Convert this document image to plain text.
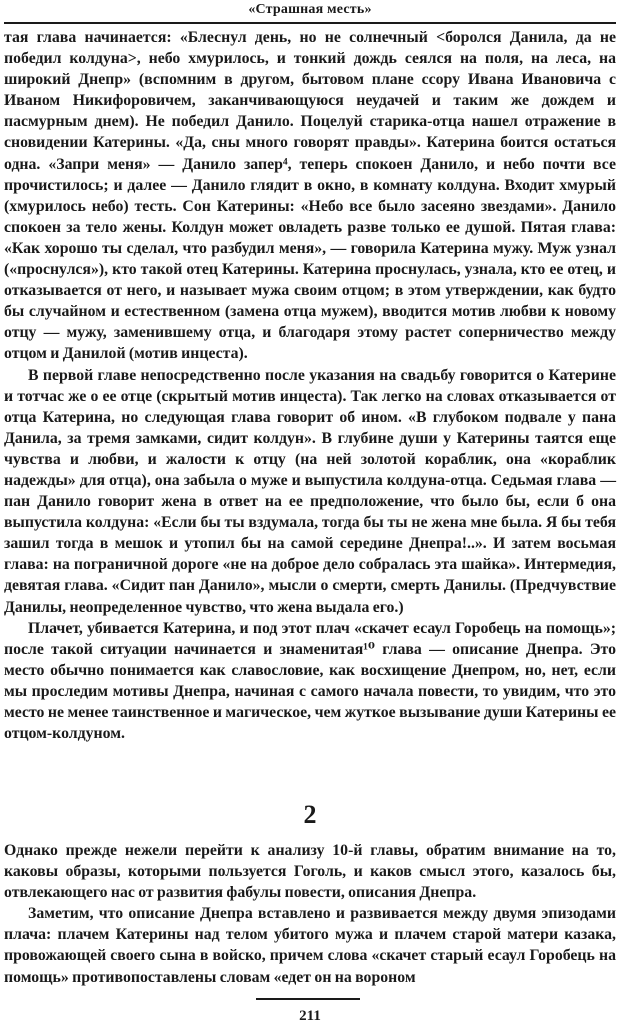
«Страшная месть»

тая глава начинается: «Блеснул день, но не солнечный <боролся Данила, да не победил колдуна>, небо хмурилось, и тонкий дождь сеялся на поля, на леса, на широкий Днепр» (вспомним в другом, бытовом плане ссору Ивана Ивановича с Иваном Никифоровичем, заканчивающуюся неудачей и таким же дождем и пасмурным днем). Не победил Данило. Поцелуй старика-отца нашел отражение в сновидении Катерины. «Да, сны много говорят правды». Катерина боится остаться одна. «Запри меня» — Данило запер⁴, теперь спокоен Данило, и небо почти все прочистилось; и далее — Данило глядит в окно, в комнату колдуна. Входит хмурый (хмурилось небо) тесть. Сон Катерины: «Небо все было засеяно звездами». Данило спокоен за тело жены. Колдун может овладеть разве только ее душой. Пятая глава: «Как хорошо ты сделал, что разбудил меня», — говорила Катерина мужу. Муж узнал («проснулся»), кто такой отец Катерины. Катерина проснулась, узнала, кто ее отец, и отказывается от него, и называет мужа своим отцом; в этом утверждении, как будто бы случайном и естественном (замена отца мужем), вводится мотив любви к новому отцу — мужу, заменившему отца, и благодаря этому растет соперничество между отцом и Данилой (мотив инцеста).

В первой главе непосредственно после указания на свадьбу говорится о Катерине и тотчас же о ее отце (скрытый мотив инцеста). Так легко на словах отказывается от отца Катерина, но следующая глава говорит об ином. «В глубоком подвале у пана Данила, за тремя замками, сидит колдун». В глубине души у Катерины таятся еще чувства и любви, и жалости к отцу (на ней золотой кораблик, она «кораблик надежды» для отца), она забыла о муже и выпустила колдуна-отца. Седьмая глава — пан Данило говорит жена в ответ на ее предположение, что было бы, если б она выпустила колдуна: «Если бы ты вздумала, тогда бы ты не жена мне была. Я бы тебя зашил тогда в мешок и утопил бы на самой середине Днепра!..». И затем восьмая глава: на пограничной дороге «не на доброе дело собралась эта шайка». Интермедия, девятая глава. «Сидит пан Данило», мысли о смерти, смерть Данилы. (Предчувствие Данилы, неопределенное чувство, что жена выдала его.)

Плачет, убивается Катерина, и под этот плач «скачет есаул Горобець на помощь»; после такой ситуации начинается и знаменитая¹⁰ глава — описание Днепра. Это место обычно понимается как славословие, как восхищение Днепром, но, нет, если мы проследим мотивы Днепра, начиная с самого начала повести, то увидим, что это место не менее таинственное и магическое, чем жуткое вызывание души Катерины ее отцом-колдуном.

2

Однако прежде нежели перейти к анализу 10-й главы, обратим внимание на то, каковы образы, которыми пользуется Гоголь, и каков смысл этого, казалось бы, отвлекающего нас от развития фабулы повести, описания Днепра.

Заметим, что описание Днепра вставлено и развивается между двумя эпизодами плача: плачем Катерины над телом убитого мужа и плачем старой матери казака, провожающей своего сына в войско, причем слова «скачет старый есаул Горобець на помощь» противопоставлены словам «едет он на вороном

211
